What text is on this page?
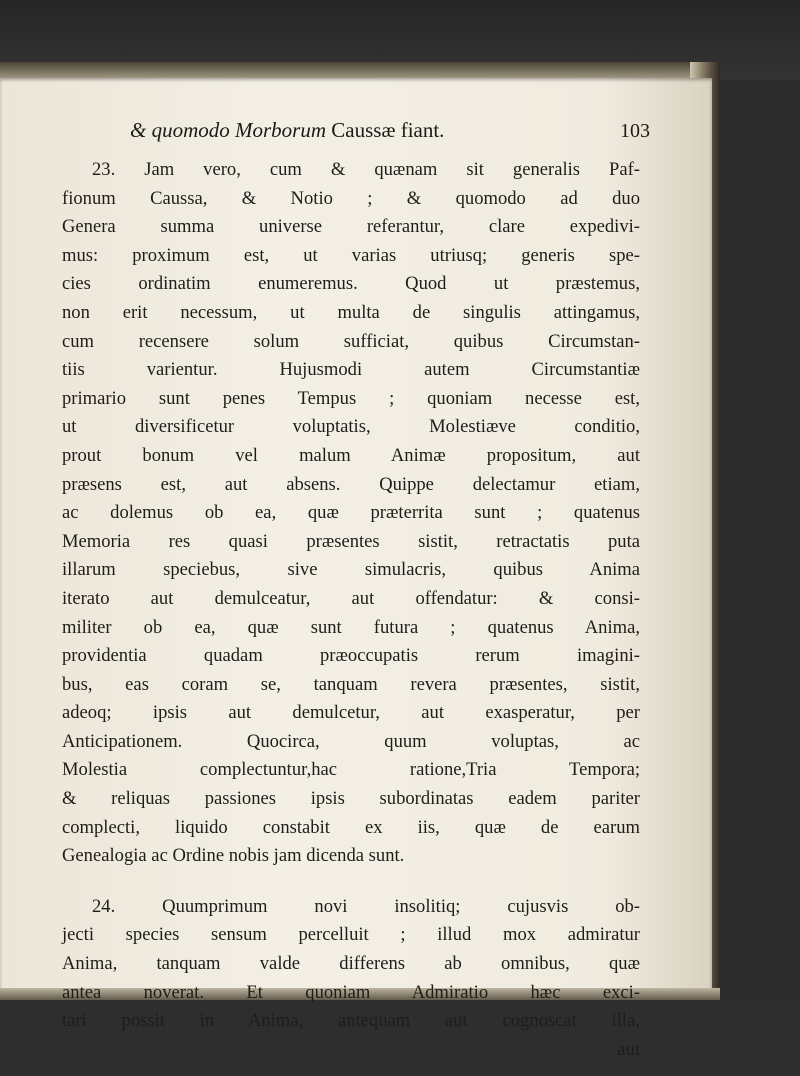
& quomodo Morborum Caussæ fiant.	103
23. Jam vero, cum & quænam sit generalis Paf-
fionum Caussa, & Notio ; & quomodo ad duo
Genera summa universe referantur, clare expedivi-
mus: proximum est, ut varias utriusq; generis spe-
cies ordinatim enumeremus. Quod ut præstemus,
non erit necessum, ut multa de singulis attingamus,
cum recensere solum sufficiat, quibus Circumstan-
tiis varientur. Hujusmodi autem Circumstantiæ
primario sunt penes Tempus ; quoniam necesse est,
ut diversificetur voluptatis, Molestiæve conditio,
prout bonum vel malum Animæ propositum, aut
præsens est, aut absens. Quippe delectamur etiam,
ac dolemus ob ea, quæ præterrita sunt ; quatenus
Memoria res quasi præsentes sistit, retractatis puta
illarum speciebus, sive simulacris, quibus Anima
iterato aut demulceatur, aut offendatur: & consi-
militer ob ea, quæ sunt futura ; quatenus Anima,
providentia quadam præoccupatis rerum imagini-
bus, eas coram se, tanquam revera præsentes, sistit,
adeoq; ipsis aut demulcetur, aut exasperatur, per
Anticipationem. Quocirca, quum voluptas, ac
Molestia complectuntur,hac ratione,Tria Tempora;
& reliquas passiones ipsis subordinatas eadem pariter
complecti, liquido constabit ex iis, quæ de earum
Genealogia ac Ordine nobis jam dicenda sunt.
24. Quumprimum novi insolitiq; cujusvis ob-
jecti species sensum percelluit ; illud mox admiratur
Anima, tanquam valde differens ab omnibus, quæ
antea noverat. Et quoniam Admiratio hæc exci-
tari possit in Anima, antequam aut cognoscat illa,
aut
